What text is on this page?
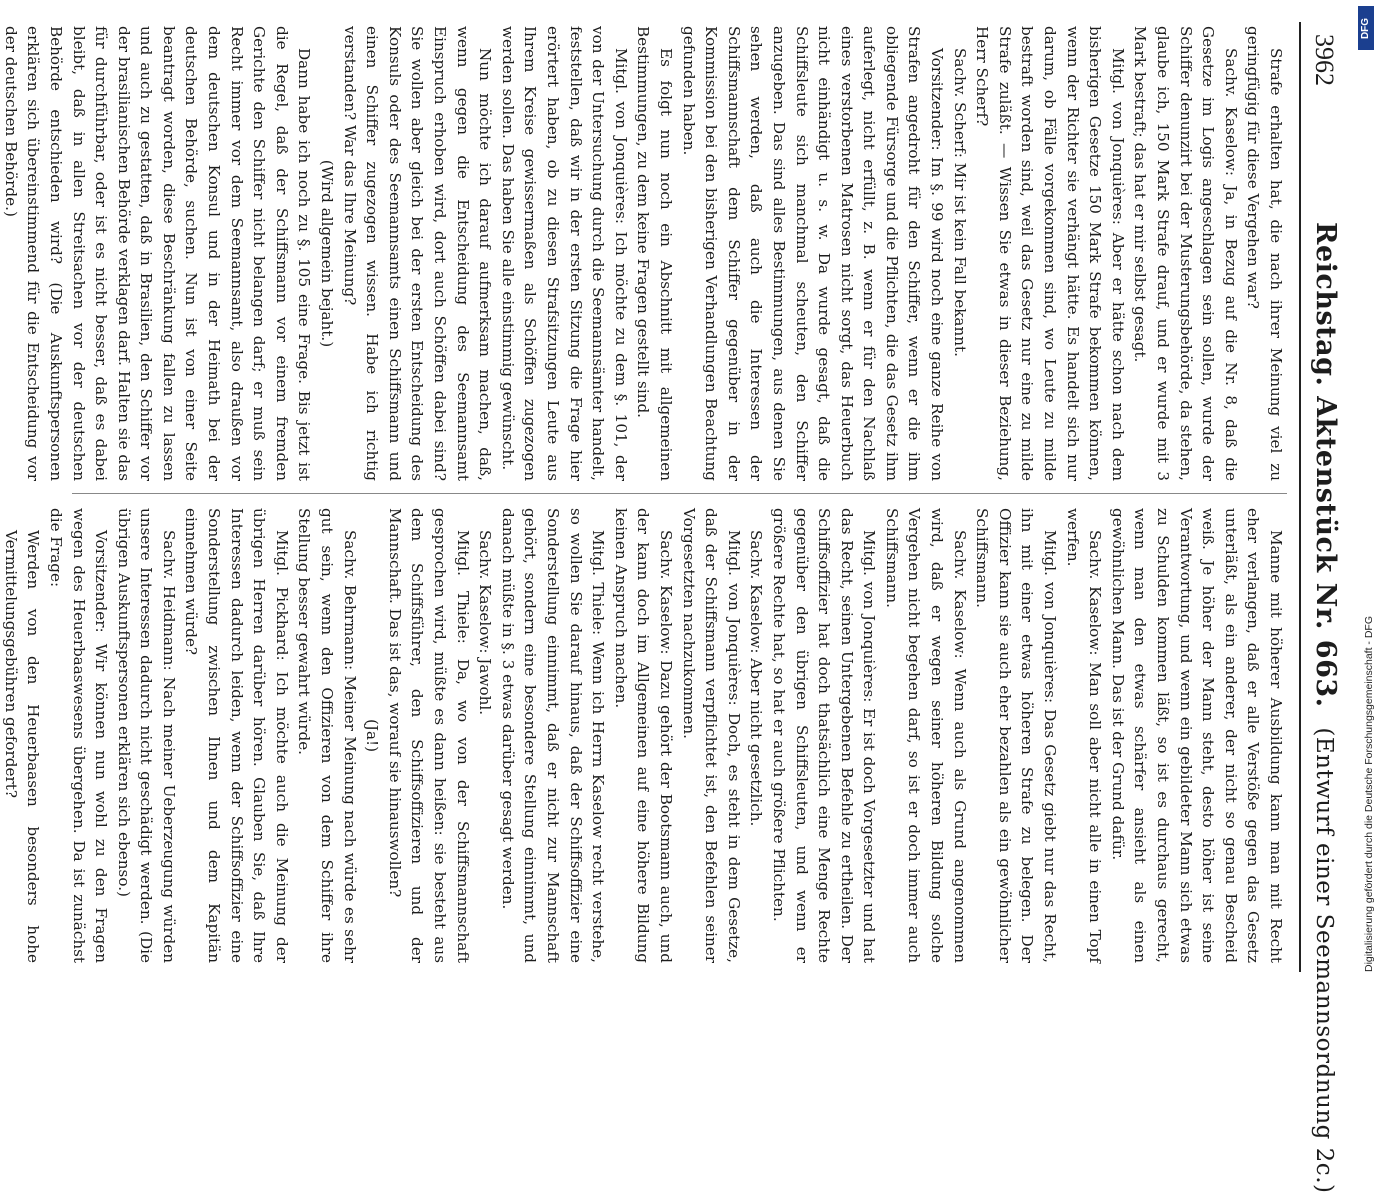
3962
Reichstag. Aktenstück Nr. 663.  (Entwurf einer Seemannsordnung 2c.)

Strafe erhalten hat, die nach ihrer Meinung viel zu geringfügig für diese Vergehen war?

Sachv. Kaselow: Ja, in Bezug auf die Nr. 8, daß die Gesetze im Logis angeschlagen sein sollen, wurde der Schiffer denunzirt bei der Musterungsbehörde, da stehen, glaube ich, 150 Mark Strafe drauf, und er wurde mit 3 Mark bestraft; das hat er mir selbst gesagt.

Mitgl. von Jonquières: Aber er hätte schon nach dem bisherigen Gesetze 150 Mark Strafe bekommen können, wenn der Richter sie verhängt hätte. Es handelt sich nur darum, ob Fälle vorgekommen sind, wo Leute zu milde bestraft worden sind, weil das Gesetz nur eine zu milde Strafe zuläßt. — Wissen Sie etwas in dieser Beziehung, Herr Scherf?

Sachv. Scherf: Mir ist kein Fall bekannt.

Vorsitzender: Im §. 99 wird noch eine ganze Reihe von Strafen angedroht für den Schiffer, wenn er die ihm obliegende Fürsorge und die Pflichten, die das Gesetz ihm auferlegt, nicht erfüllt, z. B. wenn er für den Nachlaß eines verstorbenen Matrosen nicht sorgt, das Heuerbuch nicht einhändigt u. s. w. Da wurde gesagt, daß die Schiffsleute sich manchmal scheuten, den Schiffer anzugeben. Das sind alles Bestimmungen, aus denen Sie sehen werden, daß auch die Interessen der Schiffsmannschaft dem Schiffer gegenüber in der Kommission bei den bisherigen Verhandlungen Beachtung gefunden haben.

Es folgt nun noch ein Abschnitt mit allgemeinen Bestimmungen, zu dem keine Fragen gestellt sind.

Mitgl. von Jonquières: Ich möchte zu dem §. 101, der von der Untersuchung durch die Seemannsämter handelt, feststellen, daß wir in der ersten Sitzung die Frage hier erörtert haben, ob zu diesen Strafsitzungen Leute aus Ihrem Kreise gewissermaßen als Schöffen zugezogen werden sollen. Das haben Sie alle einstimmig gewünscht.

Nun möchte ich darauf aufmerksam machen, daß, wenn gegen die Entscheidung des Seemannsamt Einspruch erhoben wird, dort auch Schöffen dabei sind? Sie wollen aber gleich bei der ersten Entscheidung des Konsuls oder des Seemannsamts einen Schiffsmann und einen Schiffer zugezogen wissen. Habe ich richtig verstanden? War das Ihre Meinung?

(Wird allgemein bejaht.)

Dann habe ich noch zu §. 105 eine Frage. Bis jetzt ist die Regel, daß der Schiffsmann vor einem fremden Gerichte den Schiffer nicht belangen darf; er muß sein Recht immer vor dem Seemannsamt, also draußen vor dem deutschen Konsul und in der Heimath bei der deutschen Behörde, suchen. Nun ist von einer Seite beantragt worden, diese Beschränkung fallen zu lassen und auch zu gestatten, daß in Brasilien, den Schiffer vor der brasilianischen Behörde verklagen darf. Halten sie das für durchführbar, oder ist es nicht besser, daß es dabei bleibt, daß in allen Streitsachen vor der deutschen Behörde entschieden wird? (Die Auskunftspersonen erklären sich übereinstimmend für die Entscheidung vor der deutschen Behörde.)

Manne mit höherer Ausbildung kann man mit Recht eher verlangen, daß er alle Verstöße gegen das Gesetz unterläßt, als ein anderer, der nicht so genau Bescheid weiß. Je höher der Mann steht, desto höher ist seine Verantwortung, und wenn ein gebildeter Mann sich etwas zu Schulden kommen läßt, so ist es durchaus gerecht, wenn man den etwas schärfer ansieht als einen gewöhnlichen Mann. Das ist der Grund dafür.

Sachv. Kaselow: Man soll aber nicht alle in einen Topf werfen.

Mitgl. von Jonquières: Das Gesetz giebt nur das Recht, ihn mit einer etwas höheren Strafe zu belegen. Der Offizier kann sie auch eher bezahlen als ein gewöhnlicher Schiffsmann.

Sachv. Kaselow: Wenn auch als Grund angenommen wird, daß er wegen seiner höheren Bildung solche Vergehen nicht begehen darf, so ist er doch immer auch Schiffsmann.

Mitgl. von Jonquières: Er ist doch Vorgesetzter und hat das Recht, seinen Untergebenen Befehle zu ertheilen. Der Schiffsoffizier hat doch thatsächlich eine Menge Rechte gegenüber den übrigen Schiffsleuten, und wenn er größere Rechte hat, so hat er auch größere Pflichten.

Sachv. Kaselow: Aber nicht gesetzlich.

Mitgl. von Jonquières: Doch, es steht in dem Gesetze, daß der Schiffsmann verpflichtet ist, den Befehlen seiner Vorgesetzten nachzukommen.

Sachv. Kaselow: Dazu gehört der Bootsmann auch, und der kann doch im Allgemeinen auf eine höhere Bildung keinen Anspruch machen.

Mitgl. Thiele: Wenn ich Herrn Kaselow recht verstehe, so wollen Sie darauf hinaus, daß der Schiffsoffizier eine Sonderstellung einnimmt, daß er nicht zur Mannschaft gehört, sondern eine besondere Stellung einnimmt, und danach müßte in §. 3 etwas darüber gesagt werden.

Sachv. Kaselow: Jawohl.

Mitgl. Thiele: Da, wo von der Schiffsmannschaft gesprochen wird, müßte es dann heißen: sie besteht aus dem Schiffsführer, den Schiffsoffizieren und der Mannschaft. Das ist das, worauf sie hinauswollen?

(Ja!)

Sachv. Behrmann: Meiner Meinung nach würde es sehr gut sein, wenn den Offizieren von dem Schiffer ihre Stellung besser gewahrt würde.

Mitgl. Pickhard: Ich möchte auch die Meinung der übrigen Herren darüber hören. Glauben Sie, daß Ihre Interessen dadurch leiden, wenn der Schiffsoffizier eine Sonderstellung zwischen Ihnen und dem Kapitän einnehmen würde?

Sachv. Heidmann: Nach meiner Ueberzeugung würden unsere Interessen dadurch nicht geschädigt werden. (Die übrigen Auskunftspersonen erklären sich ebenso.)

Vorsitzender: Wir können nun wohl zu den Fragen wegen des Heuerbaaswesens übergehen. Da ist zunächst die Frage:

Werden von den Heuerbaasen besonders hohe Vermittelungsgebühren gefordert?	Digitalisierung gefördert durch die Deutsche Forschungsgemeinschaft - DFG
DFG
